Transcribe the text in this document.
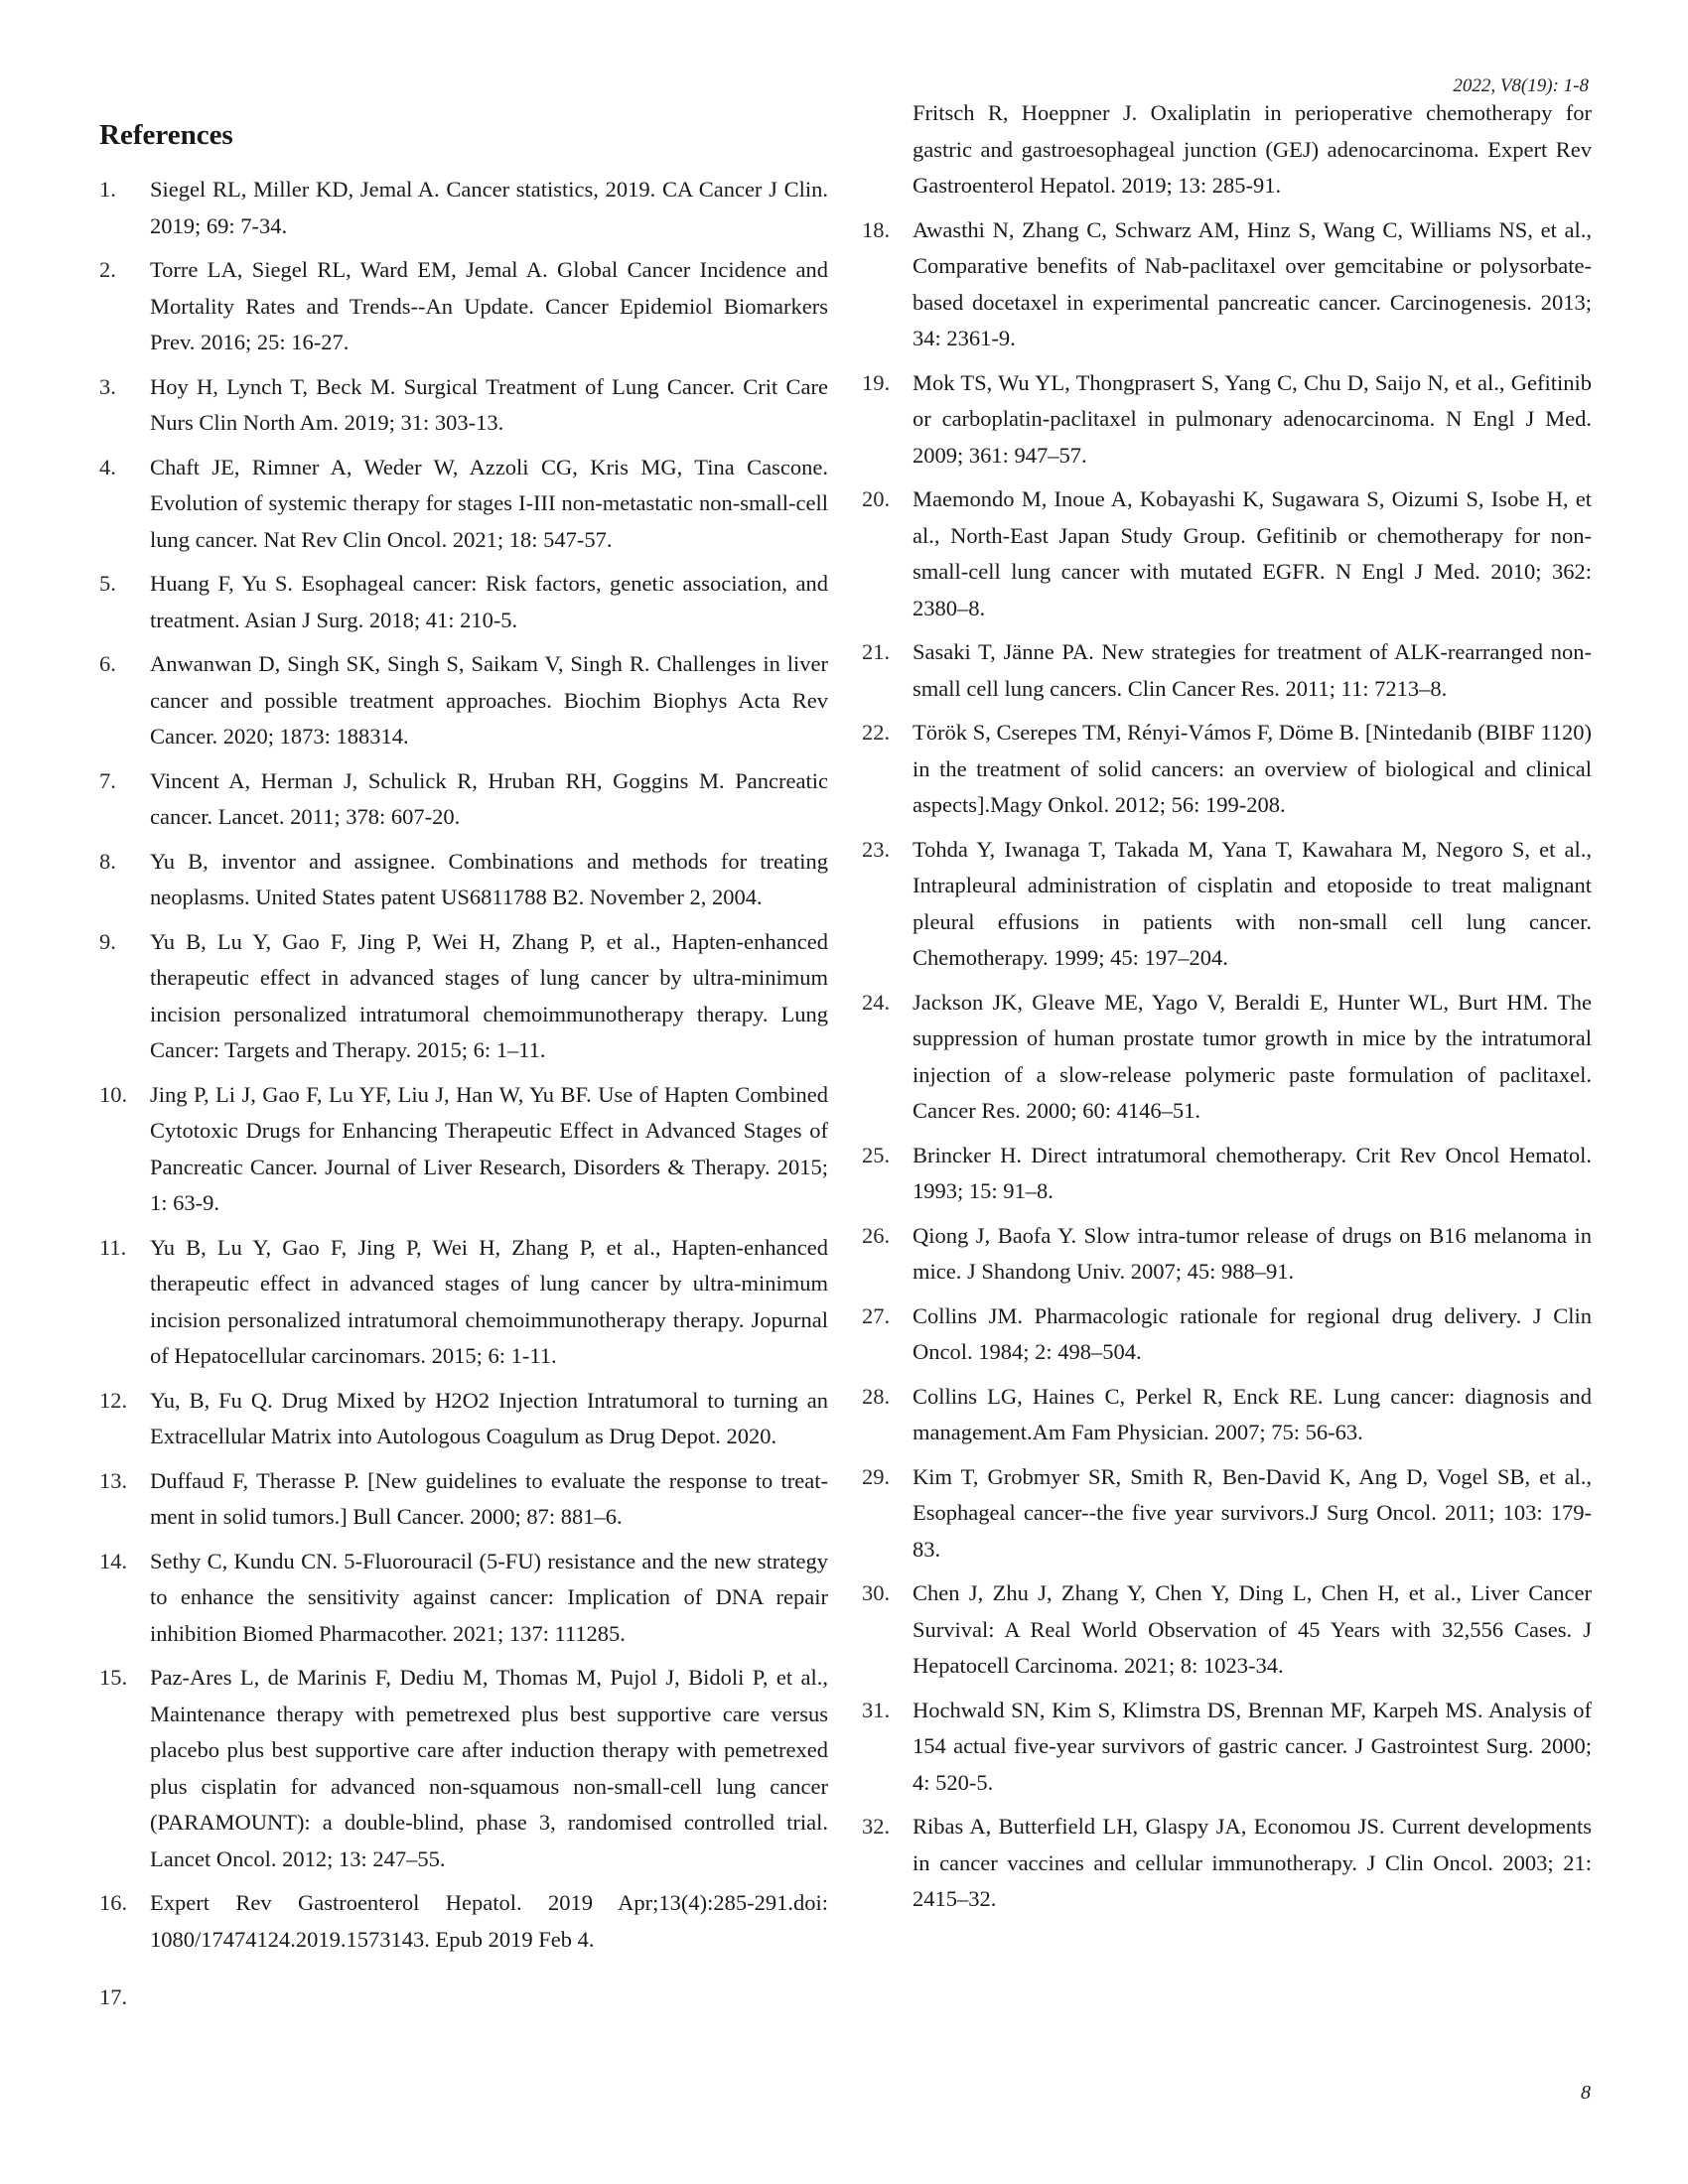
2022, V8(19): 1-8
References
1.	Siegel RL, Miller KD, Jemal A. Cancer statistics, 2019. CA Cancer J Clin. 2019; 69: 7-34.
2.	Torre LA, Siegel RL, Ward EM, Jemal A. Global Cancer Incidence and Mortality Rates and Trends--An Update. Cancer Epidemiol Biomarkers Prev. 2016; 25: 16-27.
3.	Hoy H, Lynch T, Beck M. Surgical Treatment of Lung Cancer. Crit Care Nurs Clin North Am. 2019; 31: 303-13.
4.	Chaft JE, Rimner A, Weder W, Azzoli CG, Kris MG, Tina Cascone. Evolution of systemic therapy for stages I-III non-metastatic non-small-cell lung cancer. Nat Rev Clin Oncol. 2021; 18: 547-57.
5.	Huang F, Yu S. Esophageal cancer: Risk factors, genetic association, and treatment. Asian J Surg. 2018; 41: 210-5.
6.	Anwanwan D, Singh SK, Singh S, Saikam V, Singh R. Challenges in liver cancer and possible treatment approaches. Biochim Biophys Acta Rev Cancer. 2020; 1873: 188314.
7.	Vincent A, Herman J, Schulick R, Hruban RH, Goggins M. Pancreatic cancer. Lancet. 2011; 378: 607-20.
8.	Yu B, inventor and assignee. Combinations and methods for treating neoplasms. United States patent US6811788 B2. November 2, 2004.
9.	Yu B, Lu Y, Gao F, Jing P, Wei H, Zhang P, et al., Hapten-enhanced therapeutic effect in advanced stages of lung cancer by ultra-minimum incision personalized intratumoral chemoimmunotherapy therapy. Lung Cancer: Targets and Therapy. 2015; 6: 1–11.
10.	Jing P, Li J, Gao F, Lu YF, Liu J, Han W, Yu BF. Use of Hapten Combined Cytotoxic Drugs for Enhancing Therapeutic Effect in Advanced Stages of Pancreatic Cancer. Journal of Liver Research, Disorders & Therapy. 2015; 1: 63-9.
11.	Yu B, Lu Y, Gao F, Jing P, Wei H, Zhang P, et al., Hapten-enhanced therapeutic effect in advanced stages of lung cancer by ultra-minimum incision personalized intratumoral chemoimmunotherapy therapy. Jopurnal of Hepatocellular carcinomars. 2015; 6: 1-11.
12.	Yu, B, Fu Q. Drug Mixed by H2O2 Injection Intratumoral to turning an Extracellular Matrix into Autologous Coagulum as Drug Depot. 2020.
13.	Duffaud F, Therasse P. [New guidelines to evaluate the response to treat-ment in solid tumors.] Bull Cancer. 2000; 87: 881–6.
14.	Sethy C, Kundu CN. 5-Fluorouracil (5-FU) resistance and the new strategy to enhance the sensitivity against cancer: Implication of DNA repair inhibition Biomed Pharmacother. 2021; 137: 111285.
15.	Paz-Ares L, de Marinis F, Dediu M, Thomas M, Pujol J, Bidoli P, et al., Maintenance therapy with pemetrexed plus best supportive care versus placebo plus best supportive care after induction therapy with pemetrexed plus cisplatin for advanced non-squamous non-small-cell lung cancer (PARAMOUNT): a double-blind, phase 3, randomised controlled trial. Lancet Oncol. 2012; 13: 247–55.
16.	Expert Rev Gastroenterol Hepatol. 2019 Apr;13(4):285-291.doi: 1080/17474124.2019.1573143. Epub 2019 Feb 4.
17.
Fritsch R, Hoeppner J. Oxaliplatin in perioperative chemotherapy for gastric and gastroesophageal junction (GEJ) adenocarcinoma. Expert Rev Gastroenterol Hepatol. 2019; 13: 285-91.
18.	Awasthi N, Zhang C, Schwarz AM, Hinz S, Wang C, Williams NS, et al., Comparative benefits of Nab-paclitaxel over gemcitabine or polysorbate-based docetaxel in experimental pancreatic cancer. Carcinogenesis. 2013; 34: 2361-9.
19.	Mok TS, Wu YL, Thongprasert S, Yang C, Chu D, Saijo N, et al., Gefitinib or carboplatin-paclitaxel in pulmonary adenocarcinoma. N Engl J Med. 2009; 361: 947–57.
20.	Maemondo M, Inoue A, Kobayashi K, Sugawara S, Oizumi S, Isobe H, et al., North-East Japan Study Group. Gefitinib or chemotherapy for non-small-cell lung cancer with mutated EGFR. N Engl J Med. 2010; 362: 2380–8.
21.	Sasaki T, Jänne PA. New strategies for treatment of ALK-rearranged non-small cell lung cancers. Clin Cancer Res. 2011; 11: 7213–8.
22.	Török S, Cserepes TM, Rényi-Vámos F, Döme B. [Nintedanib (BIBF 1120) in the treatment of solid cancers: an overview of biological and clinical aspects].Magy Onkol. 2012; 56: 199-208.
23.	Tohda Y, Iwanaga T, Takada M, Yana T, Kawahara M, Negoro S, et al., Intrapleural administration of cisplatin and etoposide to treat malignant pleural effusions in patients with non-small cell lung cancer. Chemotherapy. 1999; 45: 197–204.
24.	Jackson JK, Gleave ME, Yago V, Beraldi E, Hunter WL, Burt HM. The suppression of human prostate tumor growth in mice by the intratumoral injection of a slow-release polymeric paste formulation of paclitaxel. Cancer Res. 2000; 60: 4146–51.
25.	Brincker H. Direct intratumoral chemotherapy. Crit Rev Oncol Hematol. 1993; 15: 91–8.
26.	Qiong J, Baofa Y. Slow intra-tumor release of drugs on B16 melanoma in mice. J Shandong Univ. 2007; 45: 988–91.
27.	Collins JM. Pharmacologic rationale for regional drug delivery. J Clin Oncol. 1984; 2: 498–504.
28.	Collins LG, Haines C, Perkel R, Enck RE. Lung cancer: diagnosis and management.Am Fam Physician. 2007; 75: 56-63.
29.	Kim T, Grobmyer SR, Smith R, Ben-David K, Ang D, Vogel SB, et al., Esophageal cancer--the five year survivors.J Surg Oncol. 2011; 103: 179-83.
30.	Chen J, Zhu J, Zhang Y, Chen Y, Ding L, Chen H, et al., Liver Cancer Survival: A Real World Observation of 45 Years with 32,556 Cases. J Hepatocell Carcinoma. 2021; 8: 1023-34.
31.	Hochwald SN, Kim S, Klimstra DS, Brennan MF, Karpeh MS. Analysis of 154 actual five-year survivors of gastric cancer. J Gastrointest Surg. 2000; 4: 520-5.
32.	Ribas A, Butterfield LH, Glaspy JA, Economou JS. Current developments in cancer vaccines and cellular immunotherapy. J Clin Oncol. 2003; 21: 2415–32.
8
